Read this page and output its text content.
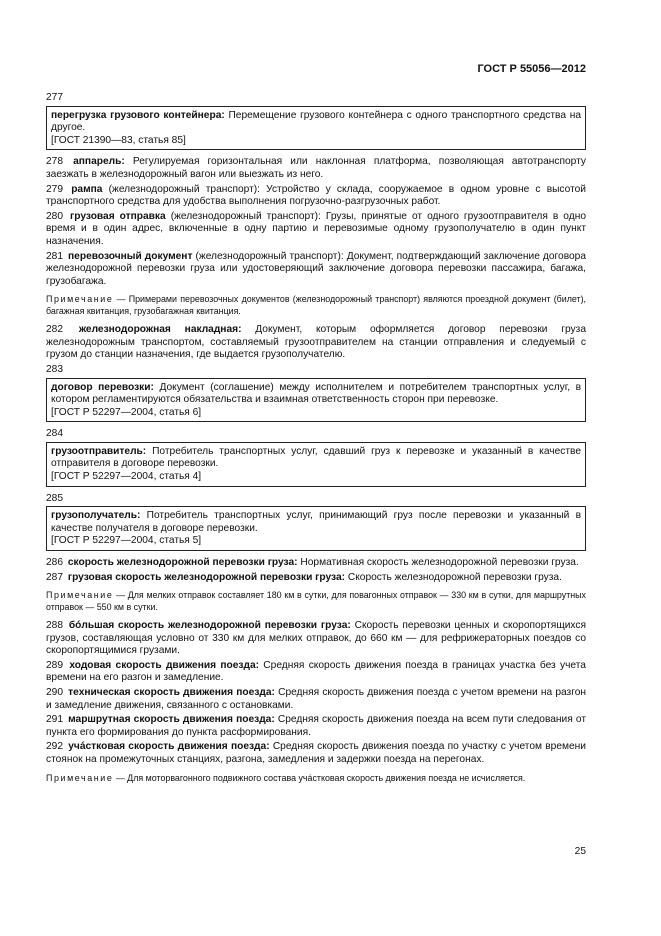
ГОСТ Р 55056—2012
277
перегрузка грузового контейнера: Перемещение грузового контейнера с одного транспортного средства на другое.
[ГОСТ 21390—83, статья 85]

278 аппарель: Регулируемая горизонтальная или наклонная платформа, позволяющая автотранспорту заезжать в железнодорожный вагон или выезжать из него.

279 рампа (железнодорожный транспорт): Устройство у склада, сооружаемое в одном уровне с высотой транспортного средства для удобства выполнения погрузочно-разгрузочных работ.

280 грузовая отправка (железнодорожный транспорт): Грузы, принятые от одного грузоотправителя в одно время и в один адрес, включенные в одну партию и перевозимые одному грузополучателю в один пункт назначения.

281 перевозочный документ (железнодорожный транспорт): Документ, подтверждающий заключение договора железнодорожной перевозки груза или удостоверяющий заключение договора перевозки пассажира, багажа, грузобагажа.

Примечание — Примерами перевозочных документов (железнодорожный транспорт) являются проездной документ (билет), багажная квитанция, грузобагажная квитанция.

282 железнодорожная накладная: Документ, которым оформляется договор перевозки груза железнодорожным транспортом, составляемый грузоотправителем на станции отправления и следуемый с грузом до станции назначения, где выдается грузополучателю.

283
договор перевозки: Документ (соглашение) между исполнителем и потребителем транспортных услуг, в котором регламентируются обязательства и взаимная ответственность сторон при перевозке.
[ГОСТ Р 52297—2004, статья 6]
284
грузоотправитель: Потребитель транспортных услуг, сдавший груз к перевозке и указанный в качестве отправителя в договоре перевозки.
[ГОСТ Р 52297—2004, статья 4]
285
грузополучатель: Потребитель транспортных услуг, принимающий груз после перевозки и указанный в качестве получателя в договоре перевозки.
[ГОСТ Р 52297—2004, статья 5]

286 скорость железнодорожной перевозки груза: Нормативная скорость железнодорожной перевозки груза.

287 грузовая скорость железнодорожной перевозки груза: Скорость железнодорожной перевозки груза.

Примечание — Для мелких отправок составляет 180 км в сутки, для повагонных отправок — 330 км в сутки, для маршрутных отправок — 550 км в сутки.

288 бóльшая скорость железнодорожной перевозки груза: Скорость перевозки ценных и скоропортящихся грузов, составляющая условно от 330 км для мелких отправок, до 660 км — для рефрижераторных поездов со скоропортящимися грузами.

289 ходовая скорость движения поезда: Средняя скорость движения поезда в границах участка без учета времени на его разгон и замедление.

290 техническая скорость движения поезда: Средняя скорость движения поезда с учетом времени на разгон и замедление движения, связанного с остановками.

291 маршрутная скорость движения поезда: Средняя скорость движения поезда на всем пути следования от пункта его формирования до пункта расформирования.

292 учáстковая скорость движения поезда: Средняя скорость движения поезда по участку с учетом времени стоянок на промежуточных станциях, разгона, замедления и задержки поезда на перегонах.

Примечание — Для моторвагонного подвижного состава учáстковая скорость движения поезда не исчисляется.

25
